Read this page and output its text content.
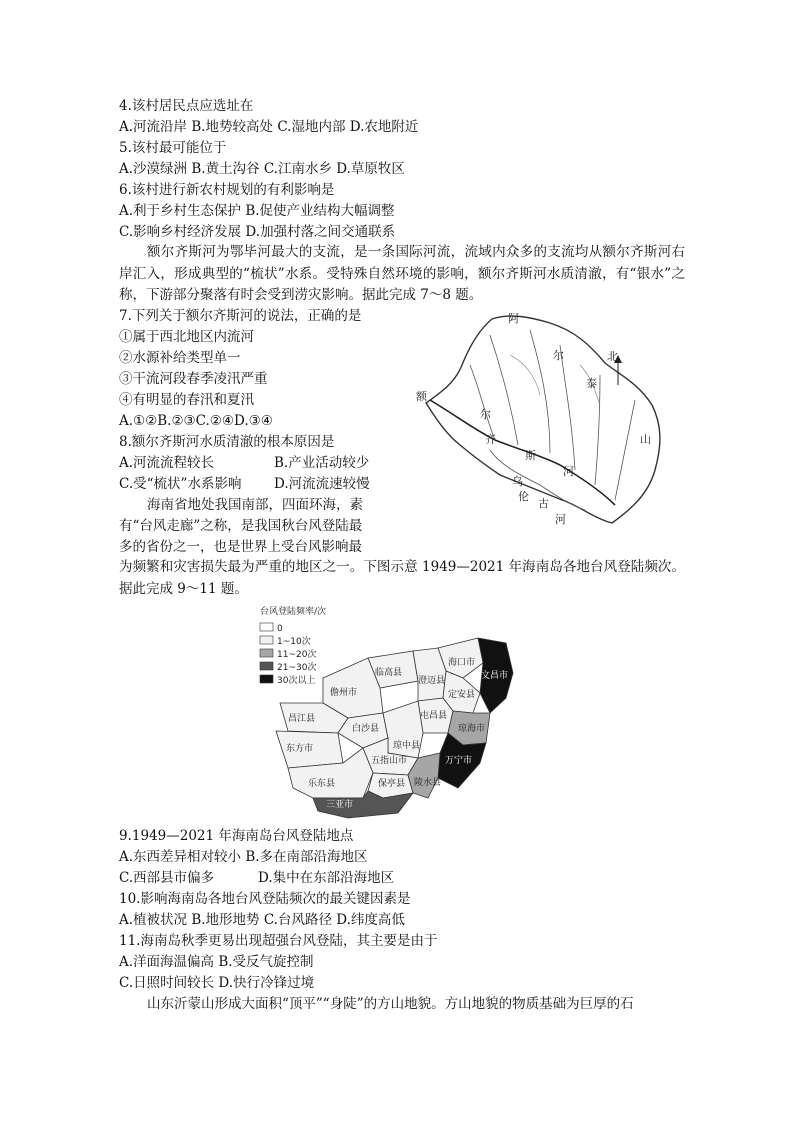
4.该村居民点应选址在
A.河流沿岸 B.地势较高处 C.湿地内部 D.农地附近
5.该村最可能位于
A.沙漠绿洲 B.黄土沟谷 C.江南水乡 D.草原牧区
6.该村进行新农村规划的有利影响是
A.利于乡村生态保护 B.促使产业结构大幅调整
C.影响乡村经济发展 D.加强村落之间交通联系
额尔齐斯河为鄂毕河最大的支流，是一条国际河流，流域内众多的支流均从额尔齐斯河右岸汇入，形成典型的“梳状”水系。受特殊自然环境的影响，额尔齐斯河水质清澈，有“银水”之称，下游部分聚落有时会受到涝灾影响。据此完成 7～8 题。
7.下列关于额尔齐斯河的说法，正确的是
①属于西北地区内流河
②水源补给类型单一
③干流河段春季凌汛严重
④有明显的春汛和夏汛
A.①②B.②③C.②④D.③④
8.额尔齐斯河水质清澈的根本原因是
A.河流流程较长	B.产业活动较少
C.受“梳状”水系影响 D.河流流速较慢
海南省地处我国南部，四面环海，素
有“台风走廊”之称，是我国秋台风登陆最
多的省份之一，也是世界上受台风影响最
为频繁和灾害损失最为严重的地区之一。下图示意 1949—2021 年海南岛各地台风登陆频次。据此完成 9～11 题。
北
阿
尔
泰
山
额
尔
齐
斯
河
乌
伦
古
河
台风登陆频率/次
0
1~10次
11~20次
21~30次
30次以上
临高县
海口市
文昌市
儋州市
澄迈县
定安县
昌江县
白沙县
屯昌县
琼海市
东方市	琼中县
万宁市
五指山市
乐东县	保亭县 陵水县
三亚市
9.1949—2021 年海南岛台风登陆地点
A.东西差异相对较小 B.多在南部沿海地区
C.西部县市偏多	D.集中在东部沿海地区
10.影响海南岛各地台风登陆频次的最关键因素是
A.植被状况 B.地形地势 C.台风路径 D.纬度高低
11.海南岛秋季更易出现超强台风登陆，其主要是由于
A.洋面海温偏高 B.受反气旋控制
C.日照时间较长 D.快行冷锋过境
山东沂蒙山形成大面积“顶平”“身陡”的方山地貌。方山地貌的物质基础为巨厚的石
